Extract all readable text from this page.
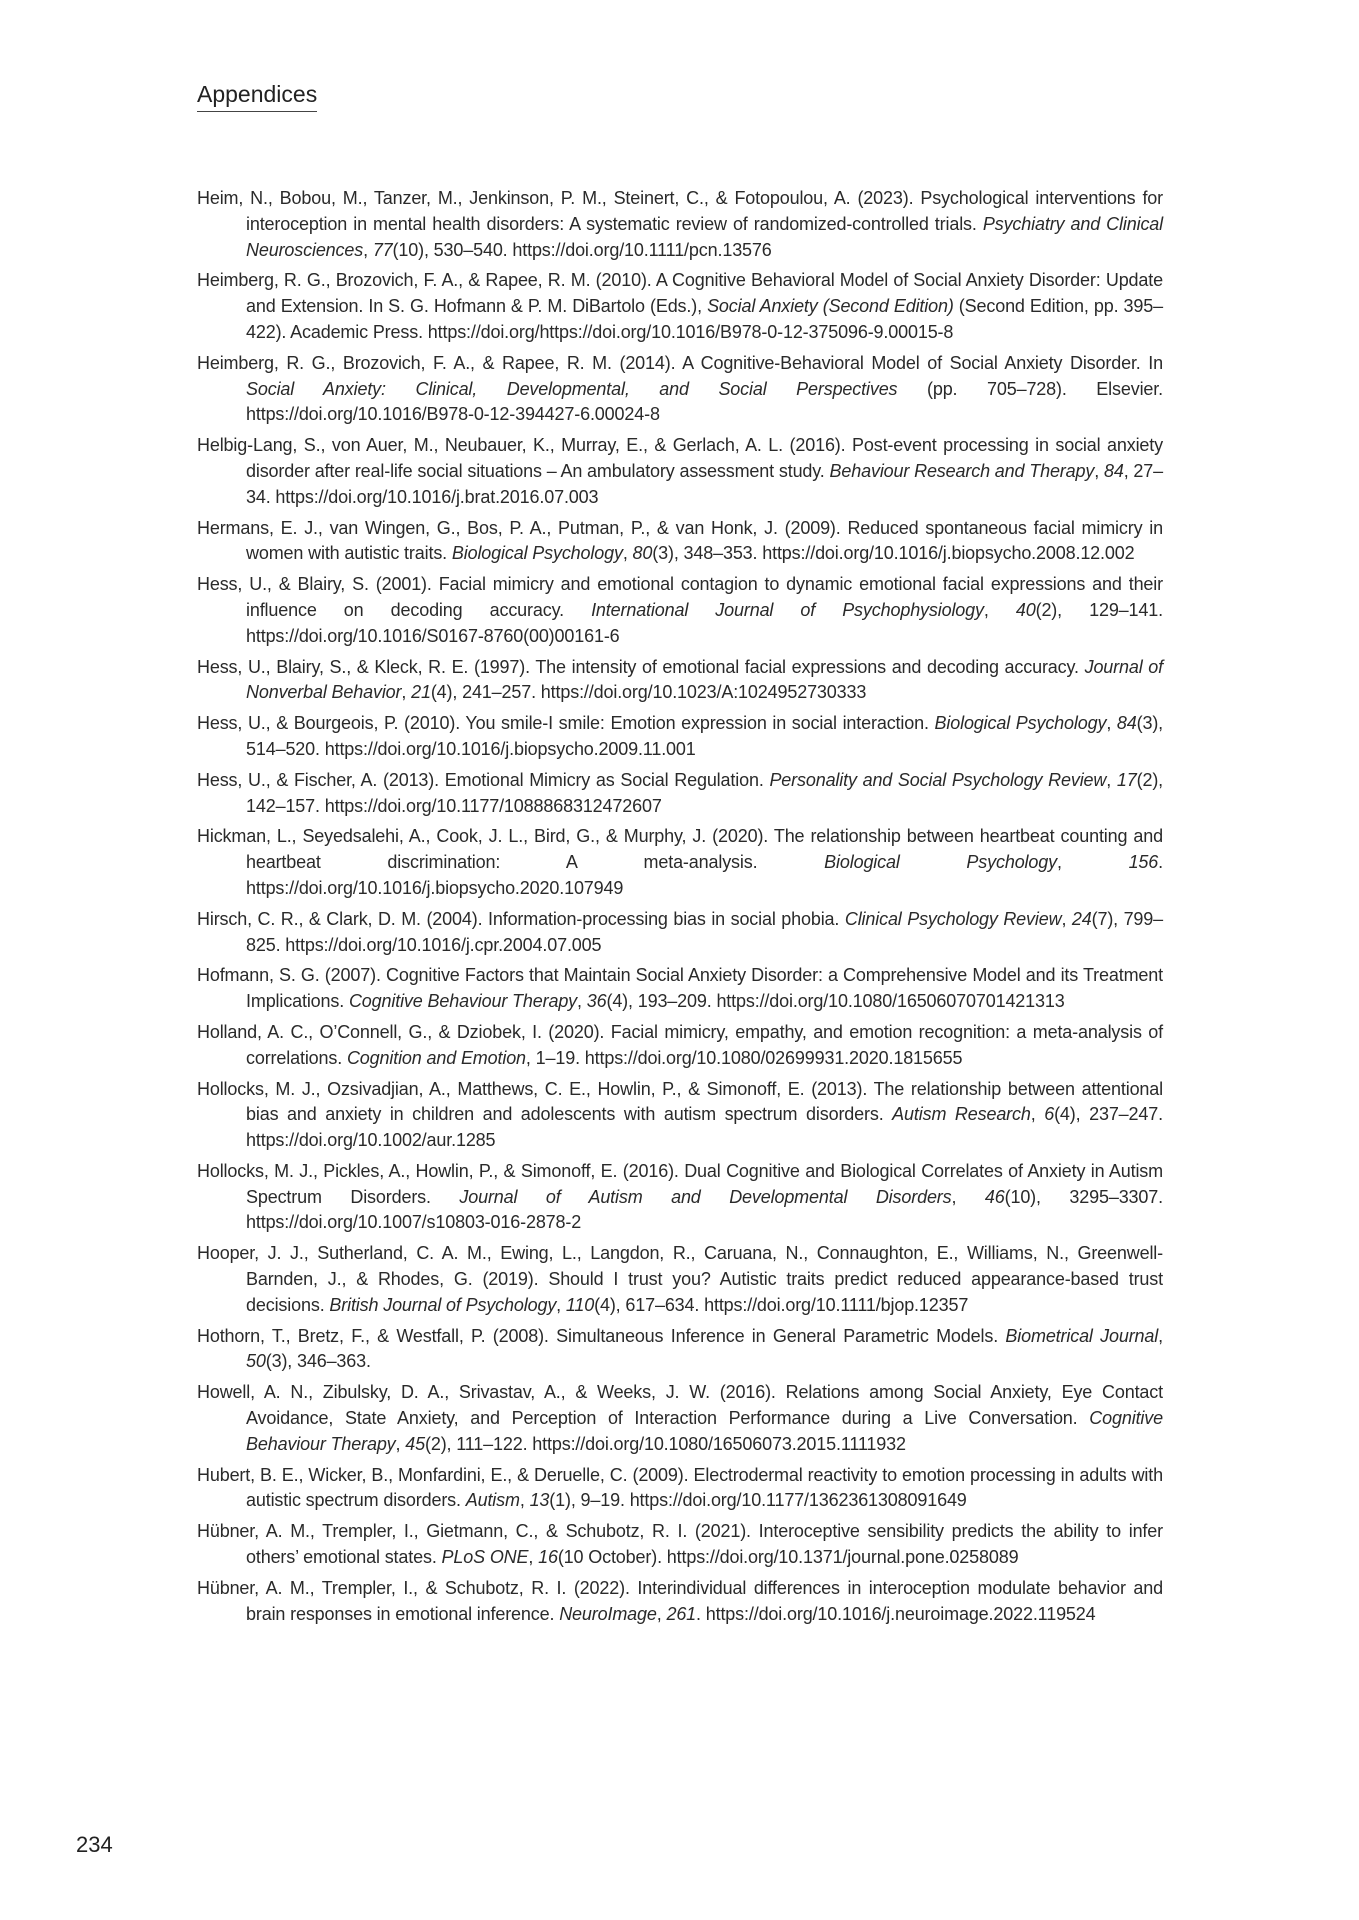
Appendices

Heim, N., Bobou, M., Tanzer, M., Jenkinson, P. M., Steinert, C., & Fotopoulou, A. (2023). Psychological interventions for interoception in mental health disorders: A systematic review of randomized-controlled trials. Psychiatry and Clinical Neurosciences, 77(10), 530–540. https://doi.org/10.1111/pcn.13576

Heimberg, R. G., Brozovich, F. A., & Rapee, R. M. (2010). A Cognitive Behavioral Model of Social Anxiety Disorder: Update and Extension. In S. G. Hofmann & P. M. DiBartolo (Eds.), Social Anxiety (Second Edition) (Second Edition, pp. 395–422). Academic Press. https://doi.org/https://doi.org/10.1016/B978-0-12-375096-9.00015-8

Heimberg, R. G., Brozovich, F. A., & Rapee, R. M. (2014). A Cognitive-Behavioral Model of Social Anxiety Disorder. In Social Anxiety: Clinical, Developmental, and Social Perspectives (pp. 705–728). Elsevier. https://doi.org/10.1016/B978-0-12-394427-6.00024-8

Helbig-Lang, S., von Auer, M., Neubauer, K., Murray, E., & Gerlach, A. L. (2016). Post-event processing in social anxiety disorder after real-life social situations – An ambulatory assessment study. Behaviour Research and Therapy, 84, 27–34. https://doi.org/10.1016/j.brat.2016.07.003

Hermans, E. J., van Wingen, G., Bos, P. A., Putman, P., & van Honk, J. (2009). Reduced spontaneous facial mimicry in women with autistic traits. Biological Psychology, 80(3), 348–353. https://doi.org/10.1016/j.biopsycho.2008.12.002

Hess, U., & Blairy, S. (2001). Facial mimicry and emotional contagion to dynamic emotional facial expressions and their influence on decoding accuracy. International Journal of Psychophysiology, 40(2), 129–141. https://doi.org/10.1016/S0167-8760(00)00161-6

Hess, U., Blairy, S., & Kleck, R. E. (1997). The intensity of emotional facial expressions and decoding accuracy. Journal of Nonverbal Behavior, 21(4), 241–257. https://doi.org/10.1023/A:1024952730333

Hess, U., & Bourgeois, P. (2010). You smile-I smile: Emotion expression in social interaction. Biological Psychology, 84(3), 514–520. https://doi.org/10.1016/j.biopsycho.2009.11.001

Hess, U., & Fischer, A. (2013). Emotional Mimicry as Social Regulation. Personality and Social Psychology Review, 17(2), 142–157. https://doi.org/10.1177/1088868312472607

Hickman, L., Seyedsalehi, A., Cook, J. L., Bird, G., & Murphy, J. (2020). The relationship between heartbeat counting and heartbeat discrimination: A meta-analysis. Biological Psychology, 156. https://doi.org/10.1016/j.biopsycho.2020.107949

Hirsch, C. R., & Clark, D. M. (2004). Information-processing bias in social phobia. Clinical Psychology Review, 24(7), 799–825. https://doi.org/10.1016/j.cpr.2004.07.005

Hofmann, S. G. (2007). Cognitive Factors that Maintain Social Anxiety Disorder: a Comprehensive Model and its Treatment Implications. Cognitive Behaviour Therapy, 36(4), 193–209. https://doi.org/10.1080/16506070701421313

Holland, A. C., O’Connell, G., & Dziobek, I. (2020). Facial mimicry, empathy, and emotion recognition: a meta-analysis of correlations. Cognition and Emotion, 1–19. https://doi.org/10.1080/02699931.2020.1815655

Hollocks, M. J., Ozsivadjian, A., Matthews, C. E., Howlin, P., & Simonoff, E. (2013). The relationship between attentional bias and anxiety in children and adolescents with autism spectrum disorders. Autism Research, 6(4), 237–247. https://doi.org/10.1002/aur.1285

Hollocks, M. J., Pickles, A., Howlin, P., & Simonoff, E. (2016). Dual Cognitive and Biological Correlates of Anxiety in Autism Spectrum Disorders. Journal of Autism and Developmental Disorders, 46(10), 3295–3307. https://doi.org/10.1007/s10803-016-2878-2

Hooper, J. J., Sutherland, C. A. M., Ewing, L., Langdon, R., Caruana, N., Connaughton, E., Williams, N., Greenwell-Barnden, J., & Rhodes, G. (2019). Should I trust you? Autistic traits predict reduced appearance-based trust decisions. British Journal of Psychology, 110(4), 617–634. https://doi.org/10.1111/bjop.12357

Hothorn, T., Bretz, F., & Westfall, P. (2008). Simultaneous Inference in General Parametric Models. Biometrical Journal, 50(3), 346–363.

Howell, A. N., Zibulsky, D. A., Srivastav, A., & Weeks, J. W. (2016). Relations among Social Anxiety, Eye Contact Avoidance, State Anxiety, and Perception of Interaction Performance during a Live Conversation. Cognitive Behaviour Therapy, 45(2), 111–122. https://doi.org/10.1080/16506073.2015.1111932

Hubert, B. E., Wicker, B., Monfardini, E., & Deruelle, C. (2009). Electrodermal reactivity to emotion processing in adults with autistic spectrum disorders. Autism, 13(1), 9–19. https://doi.org/10.1177/1362361308091649

Hübner, A. M., Trempler, I., Gietmann, C., & Schubotz, R. I. (2021). Interoceptive sensibility predicts the ability to infer others’ emotional states. PLoS ONE, 16(10 October). https://doi.org/10.1371/journal.pone.0258089

Hübner, A. M., Trempler, I., & Schubotz, R. I. (2022). Interindividual differences in interoception modulate behavior and brain responses in emotional inference. NeuroImage, 261. https://doi.org/10.1016/j.neuroimage.2022.119524

234
